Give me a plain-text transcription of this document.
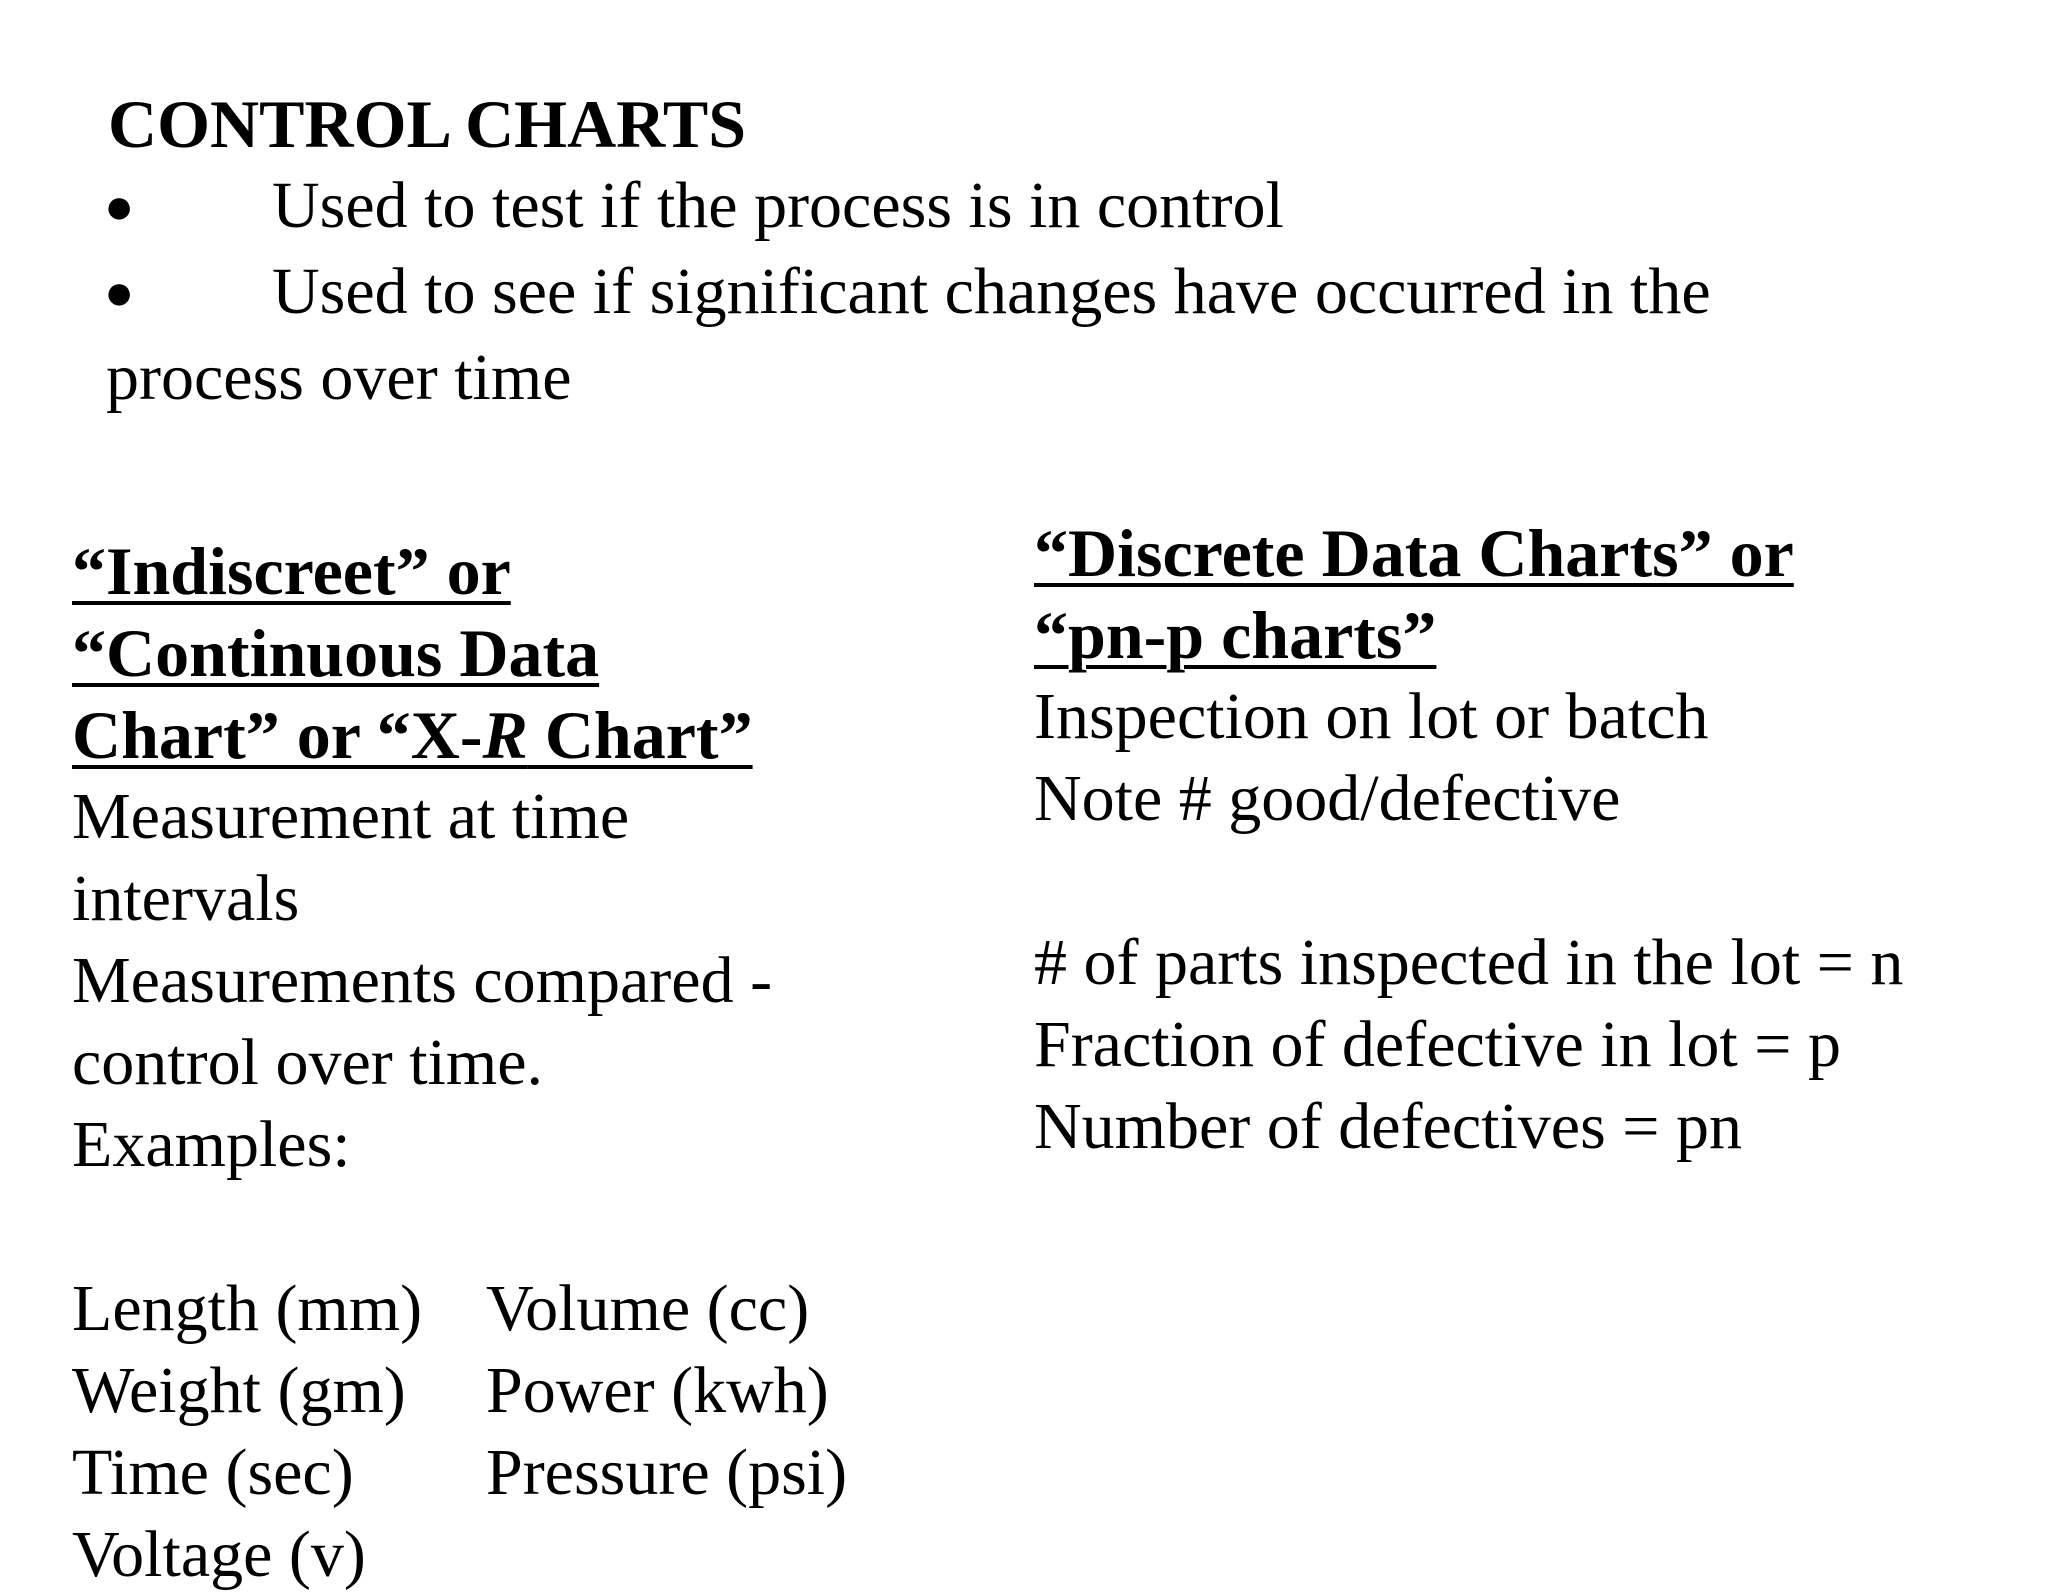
CONTROL CHARTS
● Used to test if the process is in control
● Used to see if significant changes have occurred in the
process over time

“Indiscreet” or

“Continuous Data

Chart” or “X-R Chart”

Measurement at time

intervals

Measurements compared -

control over time.

Examples:

Length (mm) Volume (cc)
Weight (gm)	Power (kwh)
Time (sec)	Pressure (psi)
Voltage (v)

“Discrete Data Charts” or

“pn-p charts”

Inspection on lot or batch

Note # good/defective

# of parts inspected in the lot = n

Fraction of defective in lot = p

Number of defectives = pn
